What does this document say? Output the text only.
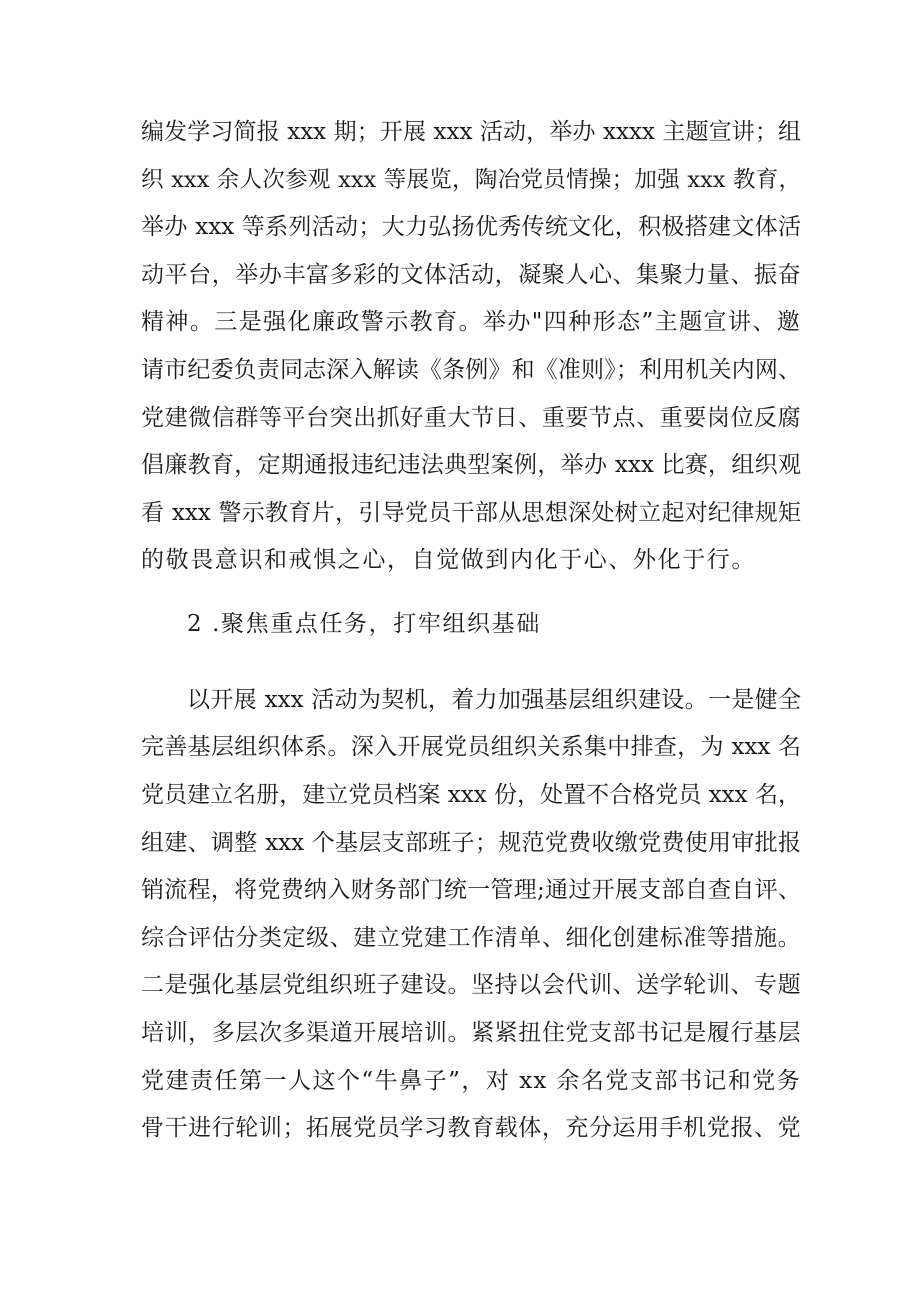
编发学习简报 xxx 期；开展 xxx 活动，举办 xxxx 主题宣讲；组
织 xxx 余人次参观 xxx 等展览，陶冶党员情操；加强 xxx 教育，
举办 xxx 等系列活动；大力弘扬优秀传统文化，积极搭建文体活
动平台，举办丰富多彩的文体活动，凝聚人心、集聚力量、振奋
精神。三是强化廉政警示教育。举办"四种形态”主题宣讲、邀
请市纪委负责同志深入解读《条例》和《准则》；利用机关内网、
党建微信群等平台突出抓好重大节日、重要节点、重要岗位反腐
倡廉教育，定期通报违纪违法典型案例，举办 xxx 比赛，组织观
看 xxx 警示教育片，引导党员干部从思想深处树立起对纪律规矩
的敬畏意识和戒惧之心，自觉做到内化于心、外化于行。
2 .聚焦重点任务，打牢组织基础
以开展 xxx 活动为契机，着力加强基层组织建设。一是健全
完善基层组织体系。深入开展党员组织关系集中排查，为 xxx 名
党员建立名册，建立党员档案 xxx 份，处置不合格党员 xxx 名，
组建、调整 xxx 个基层支部班子；规范党费收缴党费使用审批报
销流程，将党费纳入财务部门统一管理;通过开展支部自查自评、
综合评估分类定级、建立党建工作清单、细化创建标准等措施。
二是强化基层党组织班子建设。坚持以会代训、送学轮训、专题
培训，多层次多渠道开展培训。紧紧扭住党支部书记是履行基层
党建责任第一人这个“牛鼻子”，对 xx 余名党支部书记和党务
骨干进行轮训；拓展党员学习教育载体，充分运用手机党报、党
